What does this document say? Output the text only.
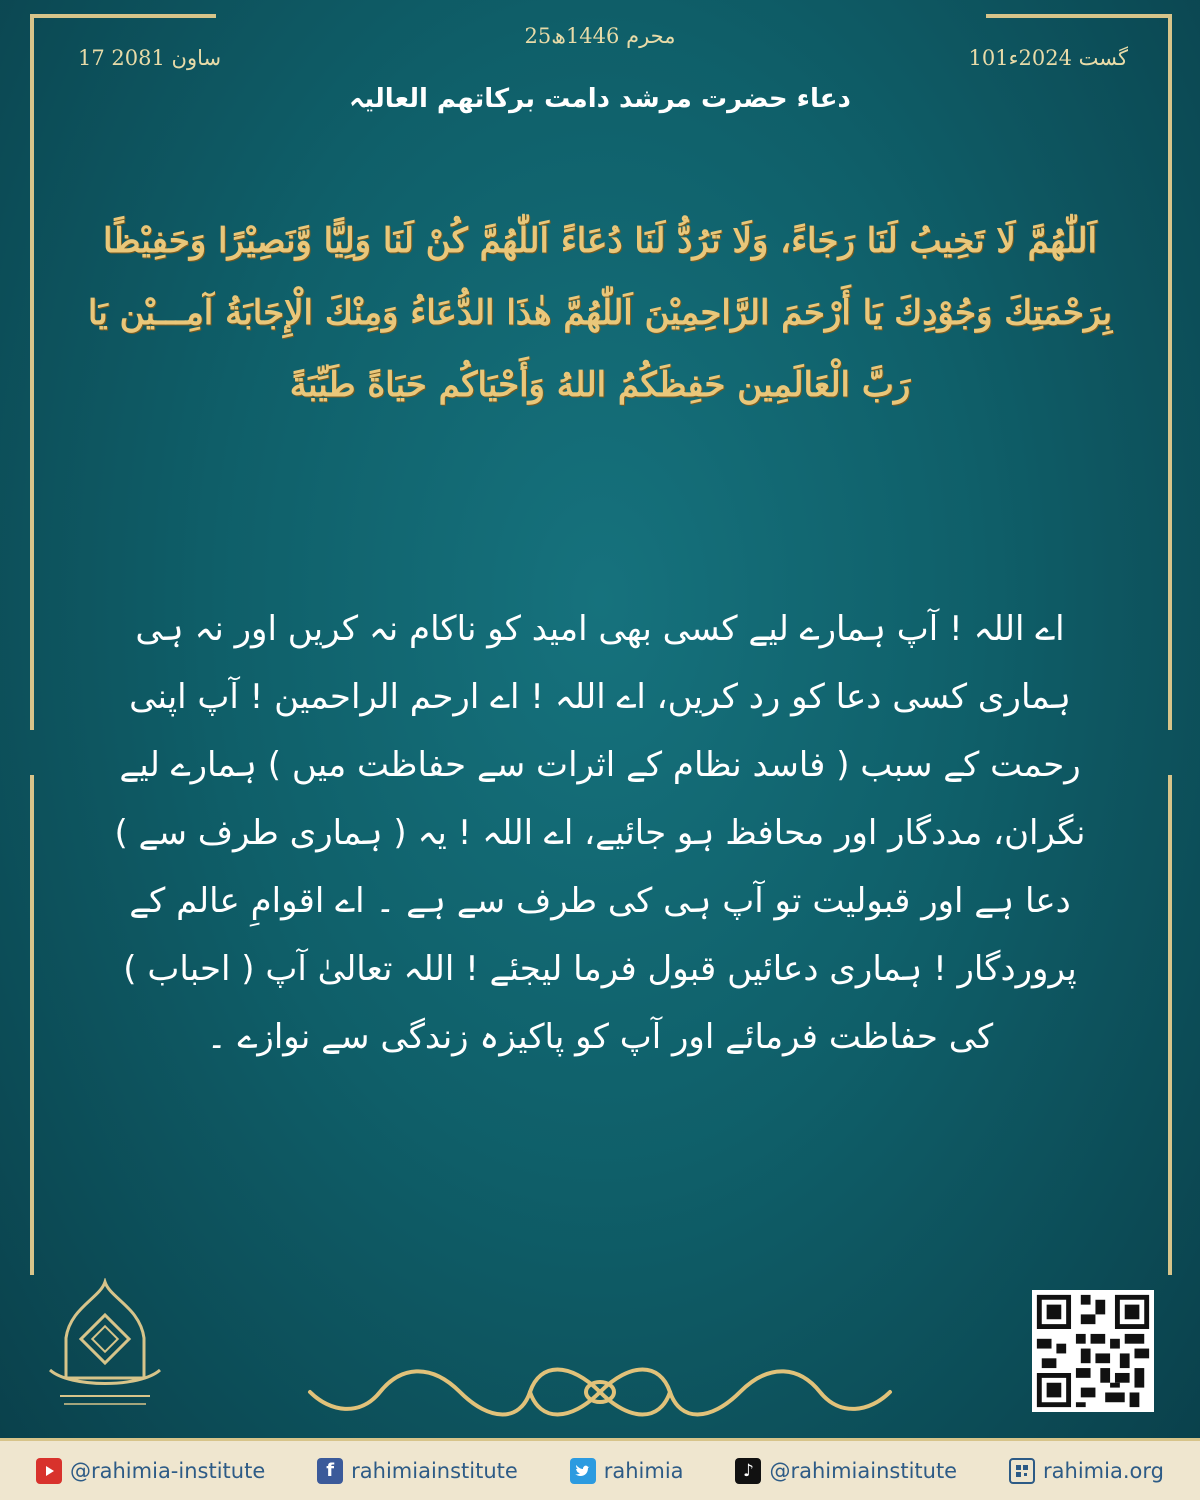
17 ساون 2081
25محرم 1446ھ
101گست 2024ء
دعاء حضرت مرشد دامت برکاتھم العالیہ
اَللّٰهُمَّ لَا تَخِيبُ لَنَا رَجَاءً، وَلَا تَرُدُّ لَنَا دُعَاءً اَللّٰهُمَّ كُنْ لَنَا وَلِيًّا وَّنَصِيْرًا وَحَفِيْظًا بِرَحْمَتِكَ وَجُوْدِكَ يَا أَرْحَمَ الرَّاحِمِيْنَ اَللّٰهُمَّ هٰذَا الدُّعَاءُ وَمِنْكَ الْإِجَابَةُ آمِـــيْن يَا رَبَّ الْعَالَمِين حَفِظَكُمُ اللهُ وَأَحْيَاكُم حَيَاةً طَيِّبَةً
اے اللہ ! آپ ہمارے لیے کسی بھی امید کو ناکام نہ کریں اور نہ ہی ہماری کسی دعا کو رد کریں، اے اللہ ! اے ارحم الراحمین ! آپ اپنی رحمت کے سبب ( فاسد نظام کے اثرات سے حفاظت میں ) ہمارے لیے نگران، مددگار اور محافظ ہو جائیے، اے اللہ ! یہ ( ہماری طرف سے ) دعا ہے اور قبولیت تو آپ ہی کی طرف سے ہے ۔ اے اقوامِ عالم کے پروردگار ! ہماری دعائیں قبول فرما لیجئے ! اللہ تعالیٰ آپ ( احباب ) کی حفاظت فرمائے اور آپ کو پاکیزہ زندگی سے نوازے ۔
@rahimia-institute	f rahimiainstitute	rahimia	♪ @rahimiainstitute	rahimia.org
